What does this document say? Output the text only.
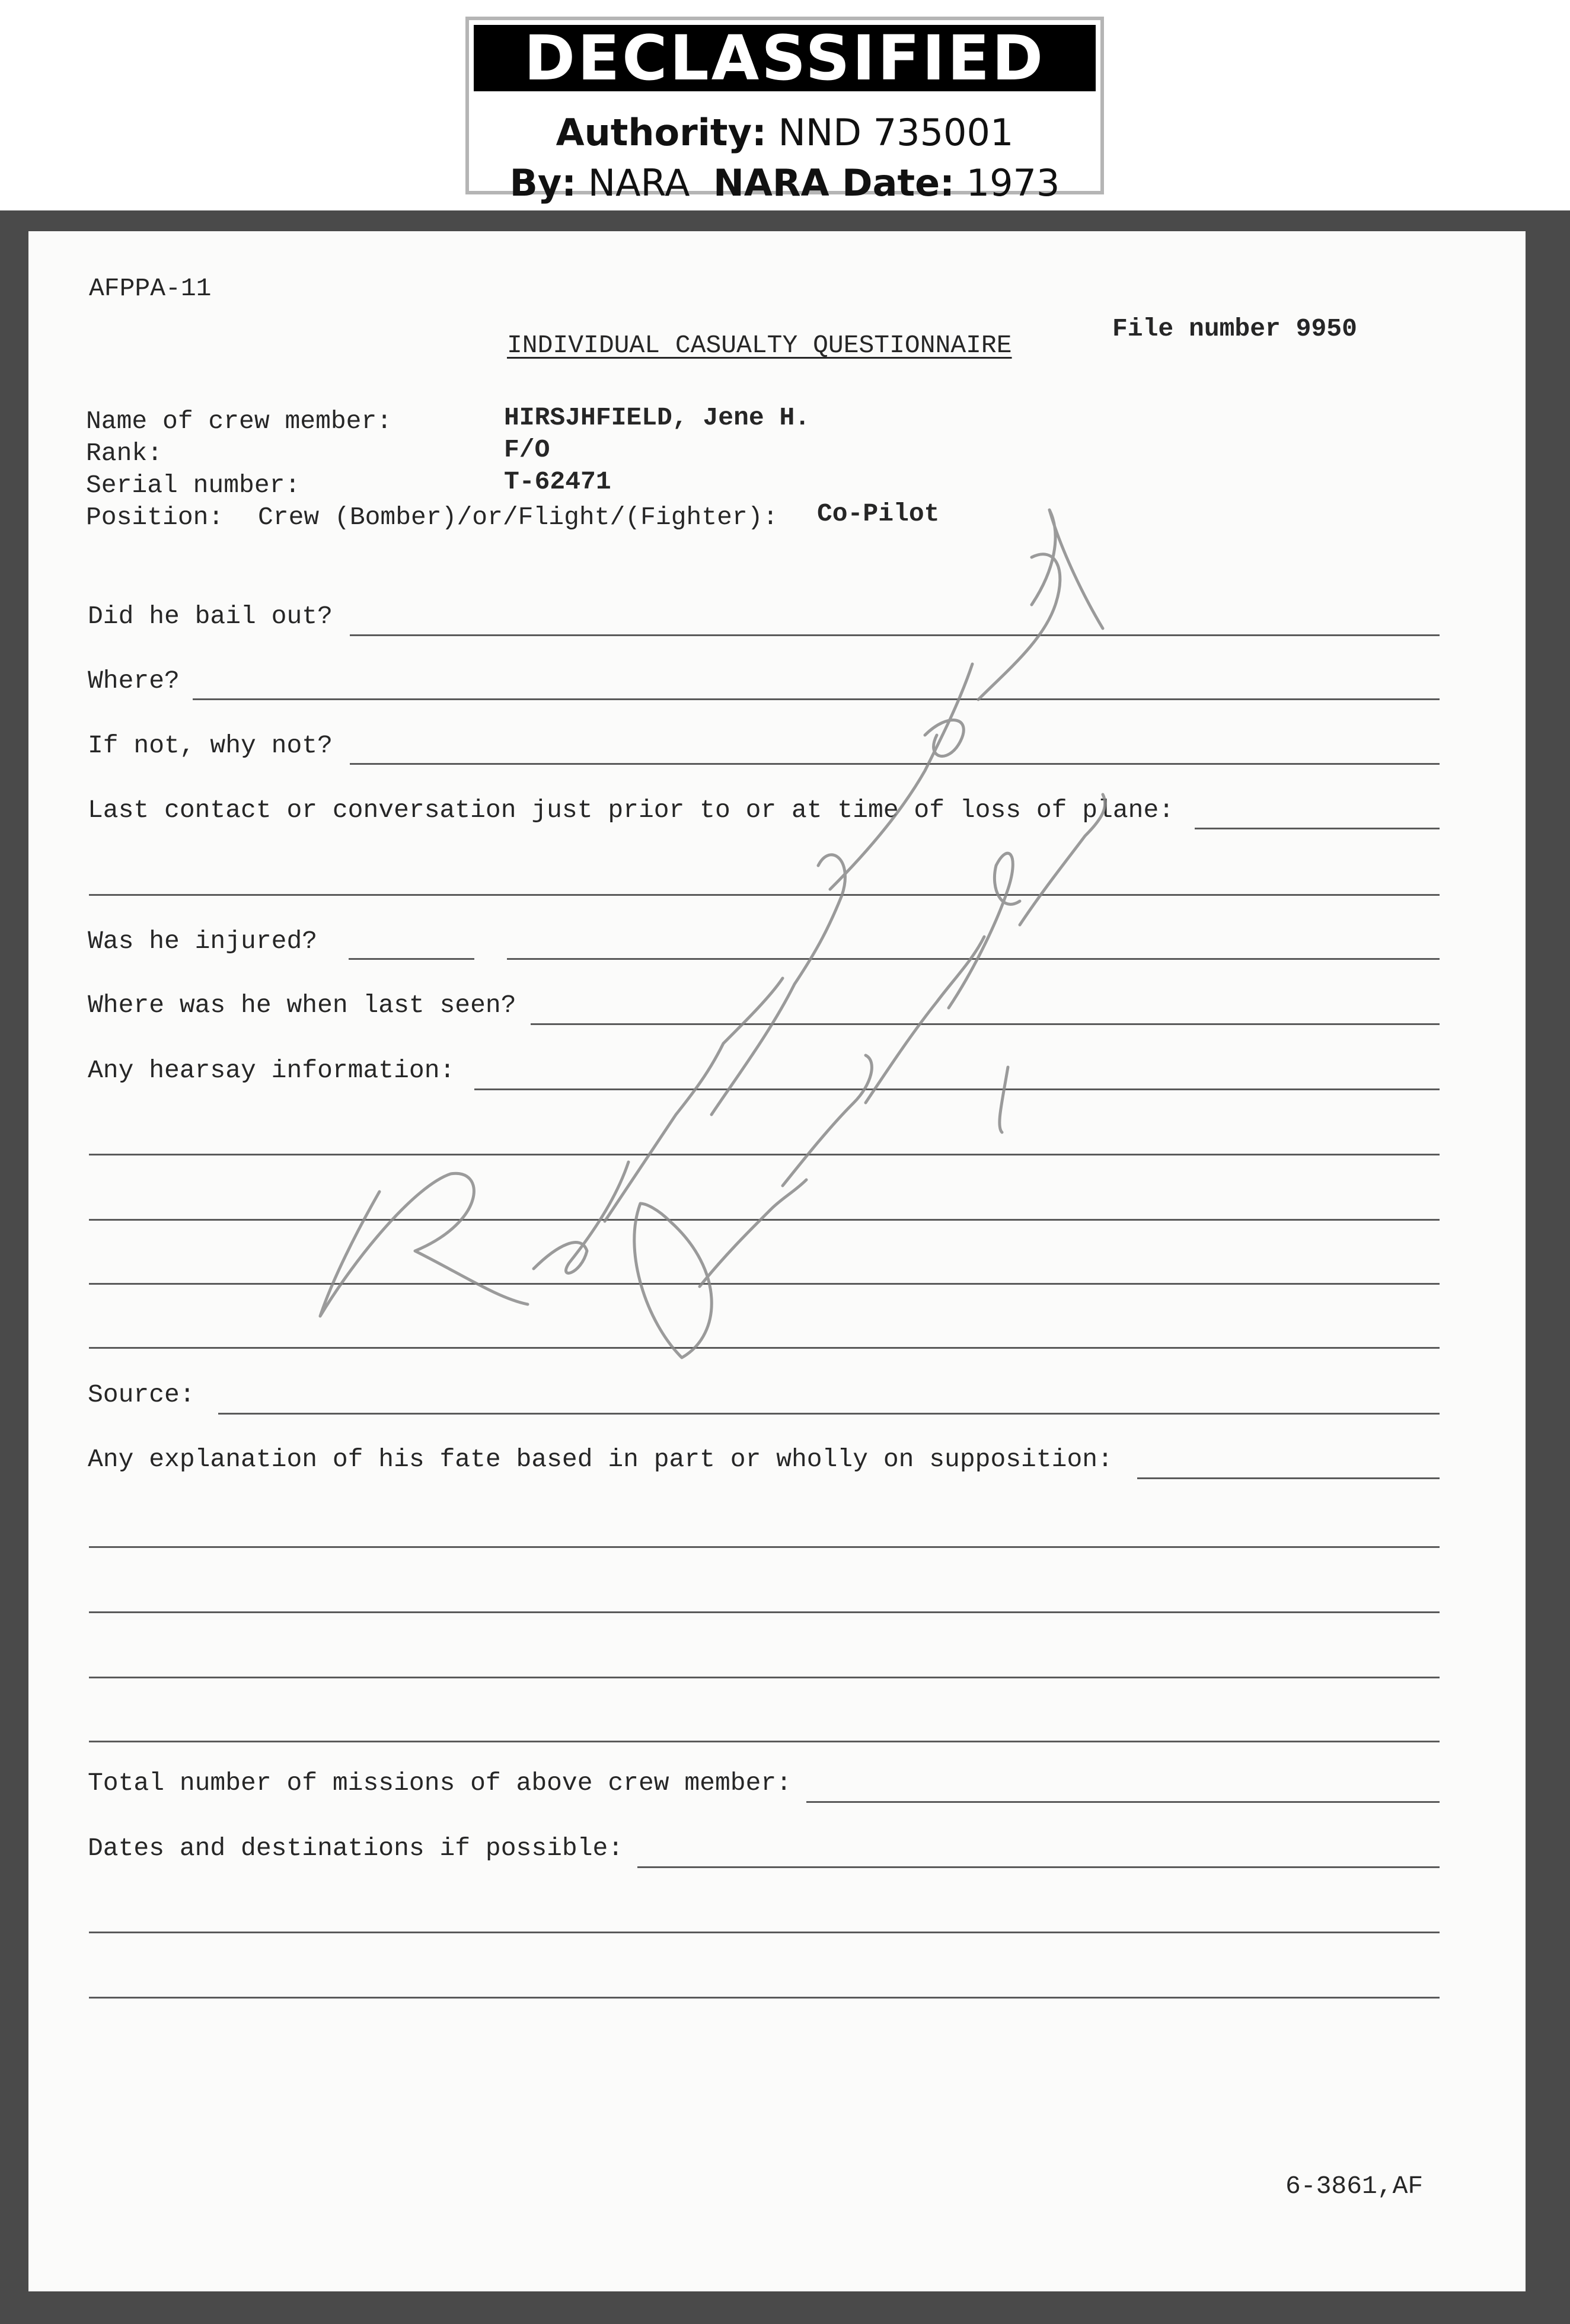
DECLASSIFIED
Authority: NND 735001
By: NARA NARA Date: 1973
AFPPA-11
INDIVIDUAL CASUALTY QUESTIONNAIRE
File number 9950
Name of crew member:	HIRSJHFIELD, Jene H.
Rank:	F/O
Serial number:	T-62471
Position: Crew (Bomber)/or/Flight/(Fighter): Co-Pilot
Did he bail out?
Where?
If not, why not?
Last contact or conversation just prior to or at time of loss of plane:
Was he injured?
Where was he when last seen?
Any hearsay information:
Source:
Any explanation of his fate based in part or wholly on supposition:
Total number of missions of above crew member:
Dates and destinations if possible:
6-3861,AF
